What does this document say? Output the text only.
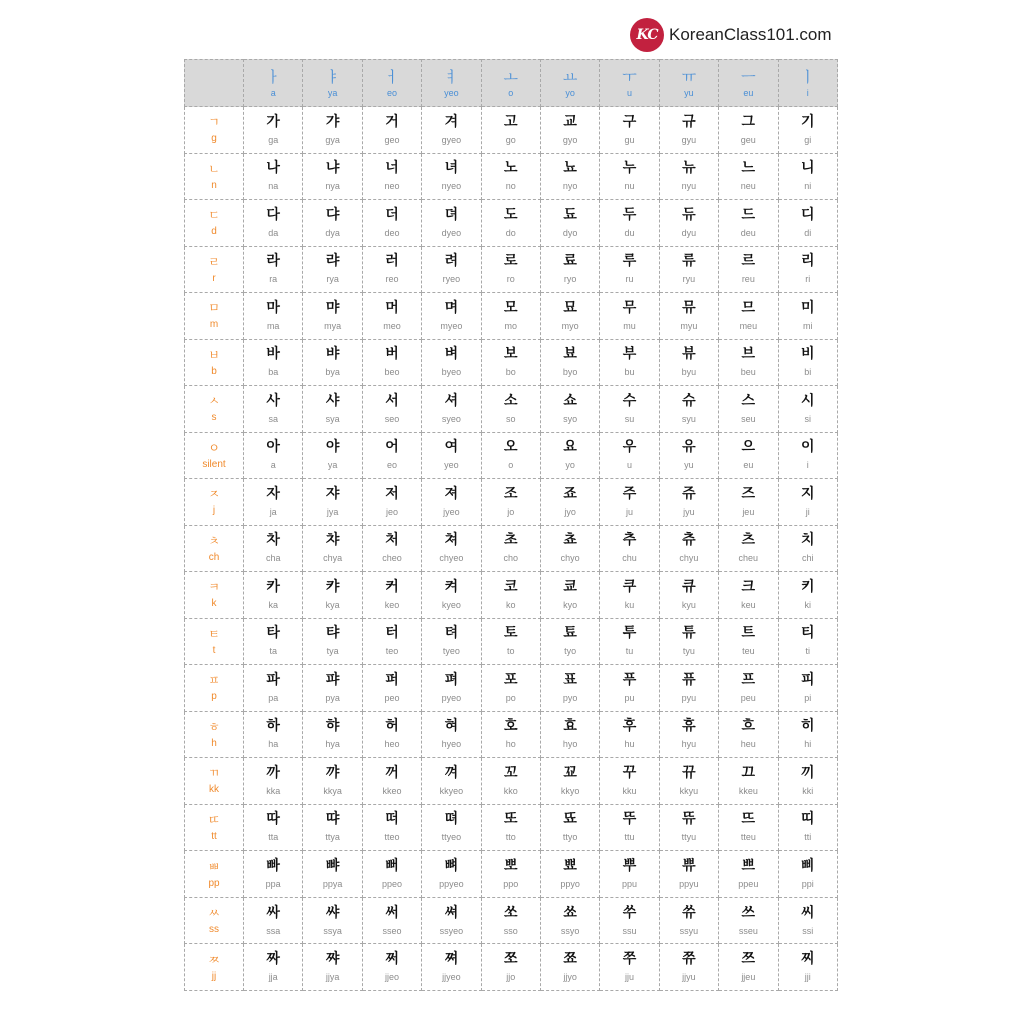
KC KoreanClass101.com
ㅏ
a
ㅑ
ya
ㅓ
eo
ㅕ
yeo
ㅗ
o
ㅛ
yo
ㅜ
u
ㅠ
yu
ㅡ
eu
ㅣ
i
ㄱ
g
가
ga
갸
gya
거
geo
겨
gyeo
고
go
교
gyo
구
gu
규
gyu
그
geu
기
gi
ㄴ
n
나
na
냐
nya
너
neo
녀
nyeo
노
no
뇨
nyo
누
nu
뉴
nyu
느
neu
니
ni
ㄷ
d
다
da
댜
dya
더
deo
뎌
dyeo
도
do
됴
dyo
두
du
듀
dyu
드
deu
디
di
ㄹ
r
라
ra
랴
rya
러
reo
려
ryeo
로
ro
료
ryo
루
ru
류
ryu
르
reu
리
ri
ㅁ
m
마
ma
먀
mya
머
meo
며
myeo
모
mo
묘
myo
무
mu
뮤
myu
므
meu
미
mi
ㅂ
b
바
ba
뱌
bya
버
beo
벼
byeo
보
bo
뵤
byo
부
bu
뷰
byu
브
beu
비
bi
ㅅ
s
사
sa
샤
sya
서
seo
셔
syeo
소
so
쇼
syo
수
su
슈
syu
스
seu
시
si
ㅇ
silent
아
a
야
ya
어
eo
여
yeo
오
o
요
yo
우
u
유
yu
으
eu
이
i
ㅈ
j
자
ja
쟈
jya
저
jeo
져
jyeo
조
jo
죠
jyo
주
ju
쥬
jyu
즈
jeu
지
ji
ㅊ
ch
차
cha
챠
chya
처
cheo
쳐
chyeo
초
cho
쵸
chyo
추
chu
츄
chyu
츠
cheu
치
chi
ㅋ
k
카
ka
캬
kya
커
keo
켜
kyeo
코
ko
쿄
kyo
쿠
ku
큐
kyu
크
keu
키
ki
ㅌ
t
타
ta
탸
tya
터
teo
텨
tyeo
토
to
툐
tyo
투
tu
튜
tyu
트
teu
티
ti
ㅍ
p
파
pa
퍄
pya
퍼
peo
펴
pyeo
포
po
표
pyo
푸
pu
퓨
pyu
프
peu
피
pi
ㅎ
h
하
ha
햐
hya
허
heo
혀
hyeo
호
ho
효
hyo
후
hu
휴
hyu
흐
heu
히
hi
ㄲ
kk
까
kka
꺄
kkya
꺼
kkeo
껴
kkyeo
꼬
kko
꾜
kkyo
꾸
kku
뀨
kkyu
끄
kkeu
끼
kki
ㄸ
tt
따
tta
땨
ttya
떠
tteo
뗘
ttyeo
또
tto
뚀
ttyo
뚜
ttu
뜌
ttyu
뜨
tteu
띠
tti
ㅃ
pp
빠
ppa
뺘
ppya
뻐
ppeo
뼈
ppyeo
뽀
ppo
뾰
ppyo
뿌
ppu
쀼
ppyu
쁘
ppeu
삐
ppi
ㅆ
ss
싸
ssa
쌰
ssya
써
sseo
쎠
ssyeo
쏘
sso
쑈
ssyo
쑤
ssu
쓔
ssyu
쓰
sseu
씨
ssi
ㅉ
jj
짜
jja
쨔
jjya
쩌
jjeo
쪄
jjyeo
쪼
jjo
쬬
jjyo
쭈
jju
쮸
jjyu
쯔
jjeu
찌
jji
